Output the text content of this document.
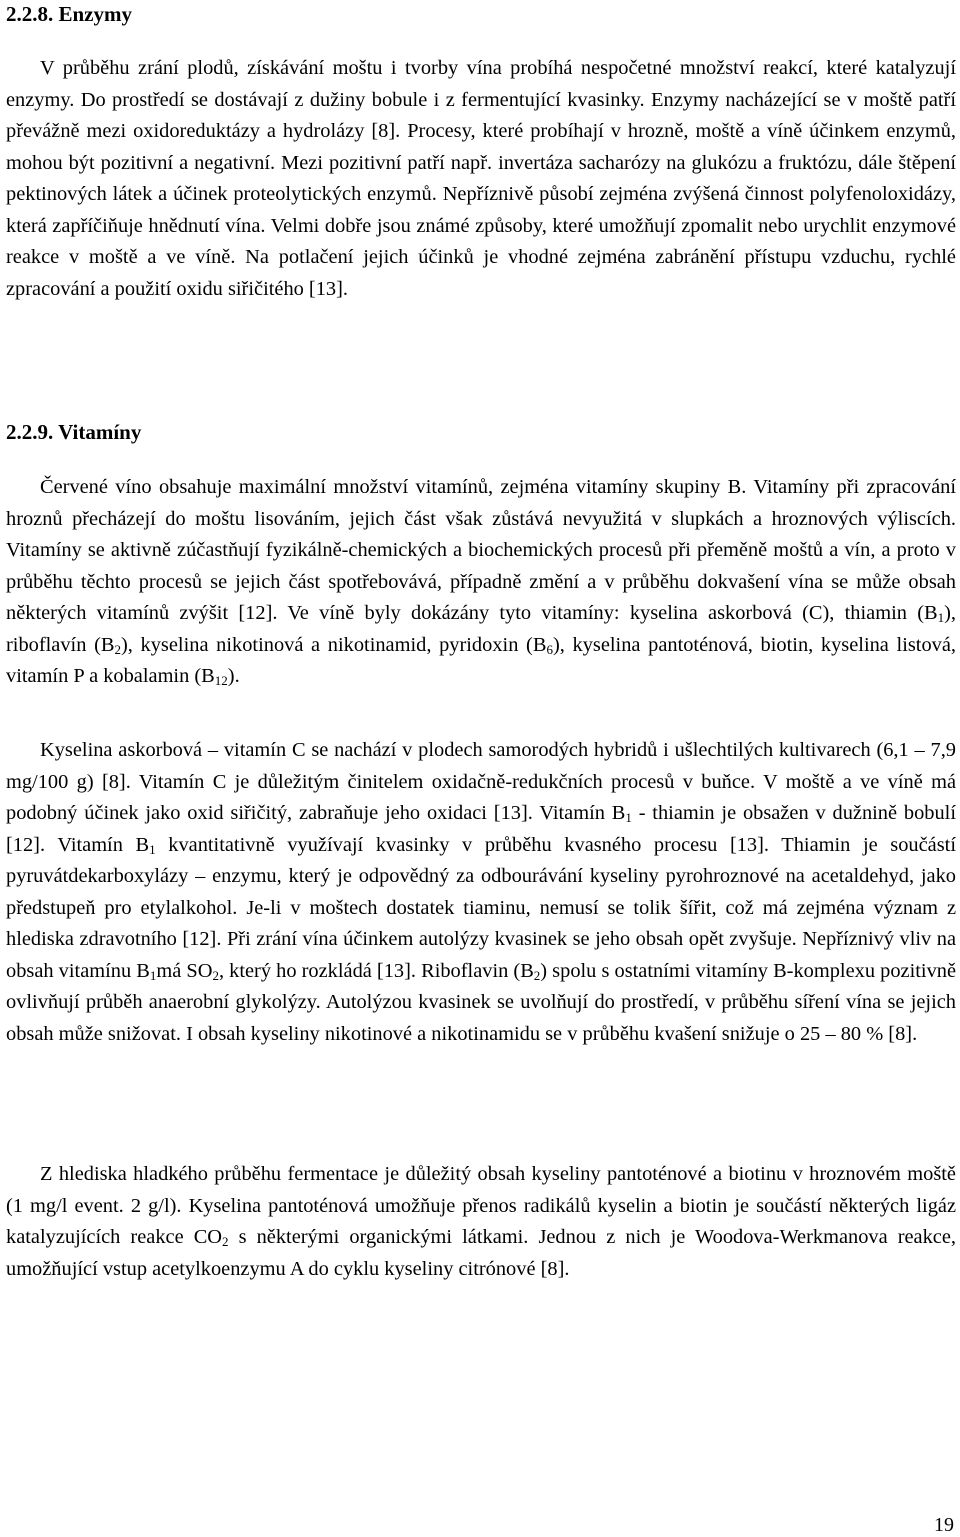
2.2.8. Enzymy

V průběhu zrání plodů, získávání moštu i tvorby vína probíhá nespočetné množství reakcí, které katalyzují enzymy. Do prostředí se dostávají z dužiny bobule i z fermentující kvasinky. Enzymy nacházející se v moště patří převážně mezi oxidoreduktázy a hydrolázy [8]. Procesy, které probíhají v hrozně, moště a víně účinkem enzymů, mohou být pozitivní a negativní. Mezi pozitivní patří např. invertáza sacharózy na glukózu a fruktózu, dále štěpení pektinových látek a účinek proteolytických enzymů. Nepříznivě působí zejména zvýšená činnost polyfenoloxidázy, která zapříčiňuje hnědnutí vína. Velmi dobře jsou známé způsoby, které umožňují zpomalit nebo urychlit enzymové reakce v moště a ve víně. Na potlačení jejich účinků je vhodné zejména zabránění přístupu vzduchu, rychlé zpracování a použití oxidu siřičitého [13].

2.2.9. Vitamíny

Červené víno obsahuje maximální množství vitamínů, zejména vitamíny skupiny B. Vitamíny při zpracování hroznů přecházejí do moštu lisováním, jejich část však zůstává nevyužitá v slupkách a hroznových výliscích. Vitamíny se aktivně zúčastňují fyzikálně-chemických a biochemických procesů při přeměně moštů a vín, a proto v průběhu těchto procesů se jejich část spotřebovává, případně změní a v průběhu dokvašení vína se může obsah některých vitamínů zvýšit [12]. Ve víně byly dokázány tyto vitamíny: kyselina askorbová (C), thiamin $(B_1)$, riboflavín $(B_2)$, kyselina nikotinová a nikotinamid, pyridoxin $(B_6)$, kyselina pantoténová, biotin, kyselina listová, vitamín P a kobalamin $(B_{12})$.

Kyselina askorbová – vitamín C se nachází v plodech samorodých hybridů i ušlechtilých kultivarech (6,1 – 7,9 mg/100 g) [8]. Vitamín C je důležitým činitelem oxidačně-redukčních procesů v buňce. V moště a ve víně má podobný účinek jako oxid siřičitý, zabraňuje jeho oxidaci [13]. Vitamín $B_1$ - thiamin je obsažen v dužnině bobulí [12]. Vitamín $B_1$ kvantitativně využívají kvasinky v průběhu kvasného procesu [13]. Thiamin je součástí pyruvátdekarboxylázy – enzymu, který je odpovědný za odbourávání kyseliny pyrohroznové na acetaldehyd, jako předstupeň pro etylalkohol. Je-li v moštech dostatek tiaminu, nemusí se tolik šířit, což má zejména význam z hlediska zdravotního [12]. Při zrání vína účinkem autolýzy kvasinek se jeho obsah opět zvyšuje. Nepříznivý vliv na obsah vitamínu $B_1má$ $SO_2$, který ho rozkládá [13]. Riboflavin $(B_2)$ spolu s ostatními vitamíny B-komplexu pozitivně ovlivňují průběh anaerobní glykolýzy. Autolýzou kvasinek se uvolňují do prostředí, v průběhu síření vína se jejich obsah může snižovat. I obsah kyseliny nikotinové a nikotinamidu se v průběhu kvašení snižuje o 25 – 80 % [8].

Z hlediska hladkého průběhu fermentace je důležitý obsah kyseliny pantoténové a biotinu v hroznovém moště (1 mg/l event. 2 g/l). Kyselina pantoténová umožňuje přenos radikálů kyselin a biotin je součástí některých ligáz katalyzujících reakce $CO_2$ s některými organickými látkami. Jednou z nich je Woodova-Werkmanova reakce, umožňující vstup acetylkoenzymu A do cyklu kyseliny citrónové [8].

19
